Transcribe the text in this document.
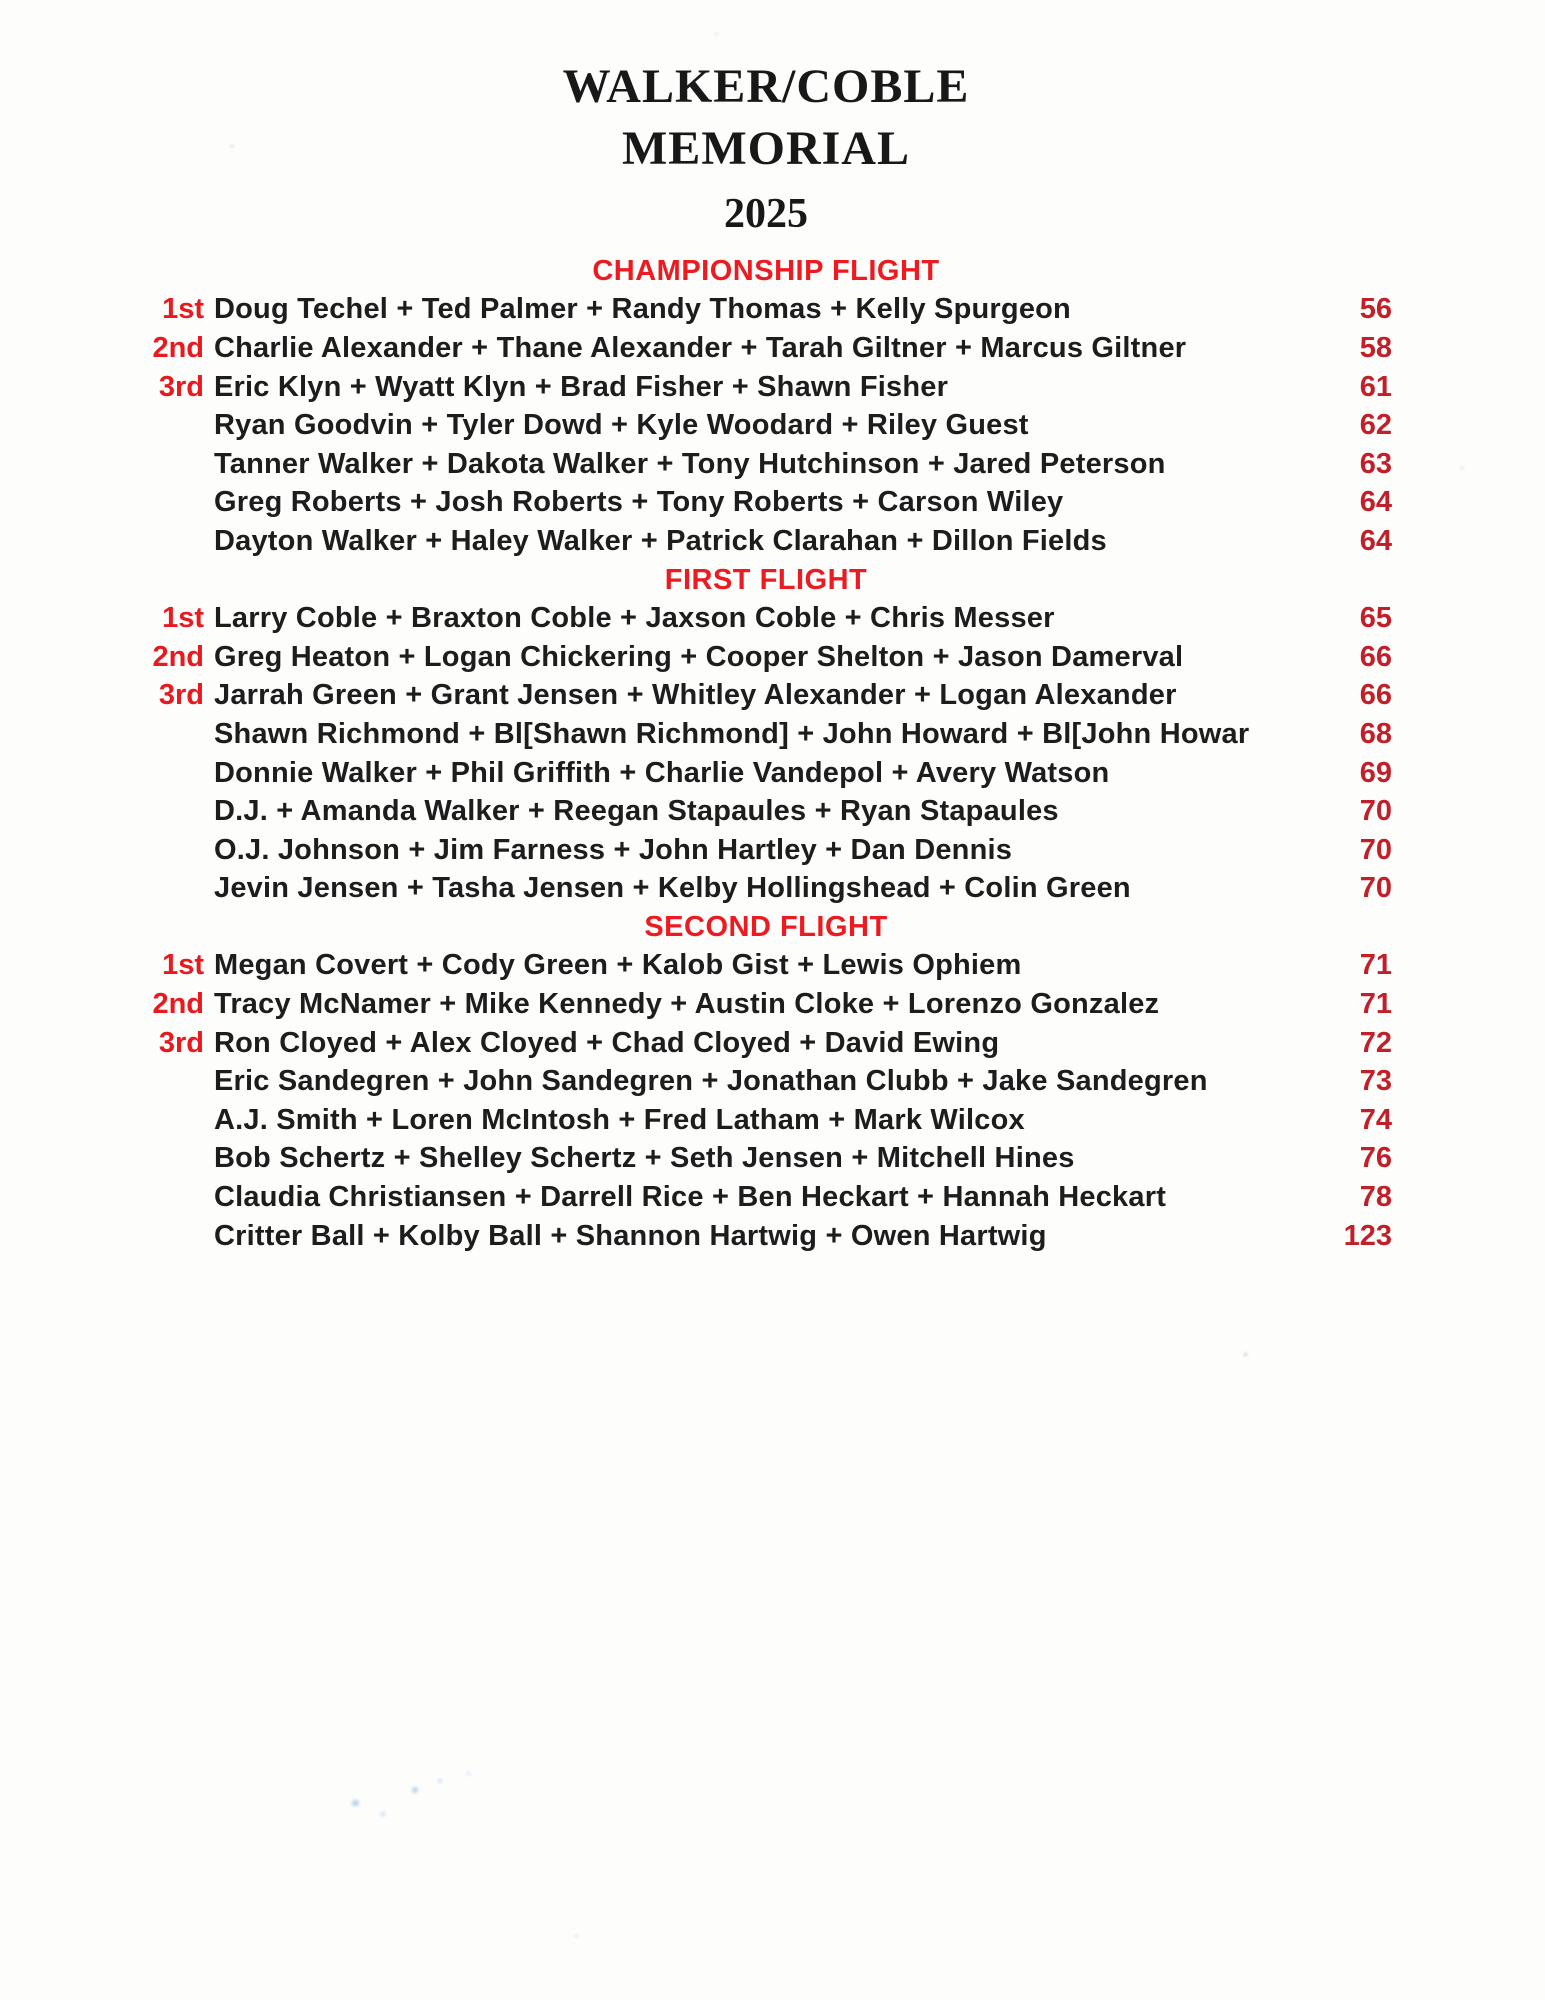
WALKER/COBLE
MEMORIAL
2025
CHAMPIONSHIP FLIGHT
1st Doug Techel + Ted Palmer + Randy Thomas + Kelly Spurgeon	56
2nd Charlie Alexander + Thane Alexander + Tarah Giltner + Marcus Giltner	58
3rd Eric Klyn + Wyatt Klyn + Brad Fisher + Shawn Fisher	61
Ryan Goodvin + Tyler Dowd + Kyle Woodard + Riley Guest	62
Tanner Walker + Dakota Walker + Tony Hutchinson + Jared Peterson	63
Greg Roberts + Josh Roberts + Tony Roberts + Carson Wiley	64
Dayton Walker + Haley Walker + Patrick Clarahan + Dillon Fields	64
FIRST FLIGHT
1st Larry Coble + Braxton Coble + Jaxson Coble + Chris Messer	65
2nd Greg Heaton + Logan Chickering + Cooper Shelton + Jason Damerval	66
3rd Jarrah Green + Grant Jensen + Whitley Alexander + Logan Alexander	66
Shawn Richmond + Bl[Shawn Richmond] + John Howard + Bl[John Howar	68
Donnie Walker + Phil Griffith + Charlie Vandepol + Avery Watson	69
D.J. + Amanda Walker + Reegan Stapaules + Ryan Stapaules	70
O.J. Johnson + Jim Farness + John Hartley + Dan Dennis	70
Jevin Jensen + Tasha Jensen + Kelby Hollingshead + Colin Green	70
SECOND FLIGHT
1st Megan Covert + Cody Green + Kalob Gist + Lewis Ophiem	71
2nd Tracy McNamer + Mike Kennedy + Austin Cloke + Lorenzo Gonzalez	71
3rd Ron Cloyed + Alex Cloyed + Chad Cloyed + David Ewing	72
Eric Sandegren + John Sandegren + Jonathan Clubb + Jake Sandegren	73
A.J. Smith + Loren McIntosh + Fred Latham + Mark Wilcox	74
Bob Schertz + Shelley Schertz + Seth Jensen + Mitchell Hines	76
Claudia Christiansen + Darrell Rice + Ben Heckart + Hannah Heckart	78
Critter Ball + Kolby Ball + Shannon Hartwig + Owen Hartwig	123
